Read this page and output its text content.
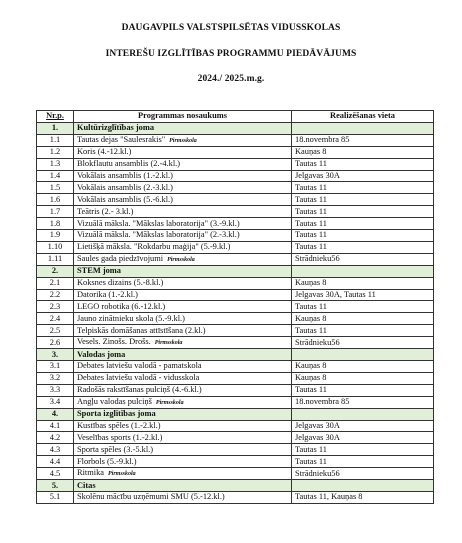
DAUGAVPILS VALSTSPILSĒTAS VIDUSSKOLAS
INTEREŠU IZGLĪTĪBAS PROGRAMMU PIEDĀVĀJUMS
2024./ 2025.m.g.
Nr.p.	Programmas nosaukums	Realizēšanas vieta
1.	Kultūrizglītības joma	
1.1	Tautas dejas "Saulesrakis" Pirmsskola	18.novembra 85
1.2	Koris (4.-12.kl.)	Kauņas 8
1.3	Blokflautu ansamblis (2.-4.kl.)	Tautas 11
1.4	Vokālais ansamblis (1.-2.kl.)	Jelgavas 30A
1.5	Vokālais ansamblis (2.-3.kl.)	Tautas 11
1.6	Vokālais ansamblis (5.-6.kl.)	Tautas 11
1.7	Teātris (2.- 3.kl.)	Tautas 11
1.8	Vizuālā māksla. "Mākslas laboratorija" (3.-9.kl.)	Tautas 11
1.9	Vizuālā māksla. "Mākslas laboratorija" (2.-3.kl.)	Tautas 11
1.10	Lietišķā māksla. "Rokdarbu maģija" (5.-9.kl.)	Tautas 11
1.11	Saules gada piedzīvojumi Pirmsskola	Strādnieku56
2.	STEM joma	
2.1	Koksnes dizains (5.-8.kl.)	Kauņas 8
2.2	Datorika (1.-2.kl.)	Jelgavas 30A, Tautas 11
2.3	LEGO robotika (6.-12.kl.)	Tautas 11
2.4	Jauno zinātnieku skola (5.-9.kl.)	Kauņas 8
2.5	Telpiskās domāšanas attīstīšana (2.kl.)	Tautas 11
2.6	Vesels. Zinošs. Drošs. Pirmsskola	Strādnieku56
3.	Valodas joma	
3.1	Debates latviešu valodā - pamatskola	Kauņas 8
3.2	Debates latviešu valodā - vidusskola	Kauņas 8
3.3	Radošās rakstīšanas pulciņš (4.-6.kl.)	Tautas 11
3.4	Angļu valodas pulciņš Pirmsskola	18.novembra 85
4.	Sporta izglītības joma	
4.1	Kustības spēles (1.-2.kl.)	Jelgavas 30A
4.2	Veselības sports (1.-2.kl.)	Jelgavas 30A
4.3	Sporta spēles (3.-5.kl.)	Tautas 11
4.4	Florbols (5.-9.kl.)	Tautas 11
4.5	Ritmika Pirmsskola	Strādnieku56
5.	Citas	
5.1	Skolēnu mācību uzņēmumi SMU (5.-12.kl.)	Tautas 11, Kauņas 8
